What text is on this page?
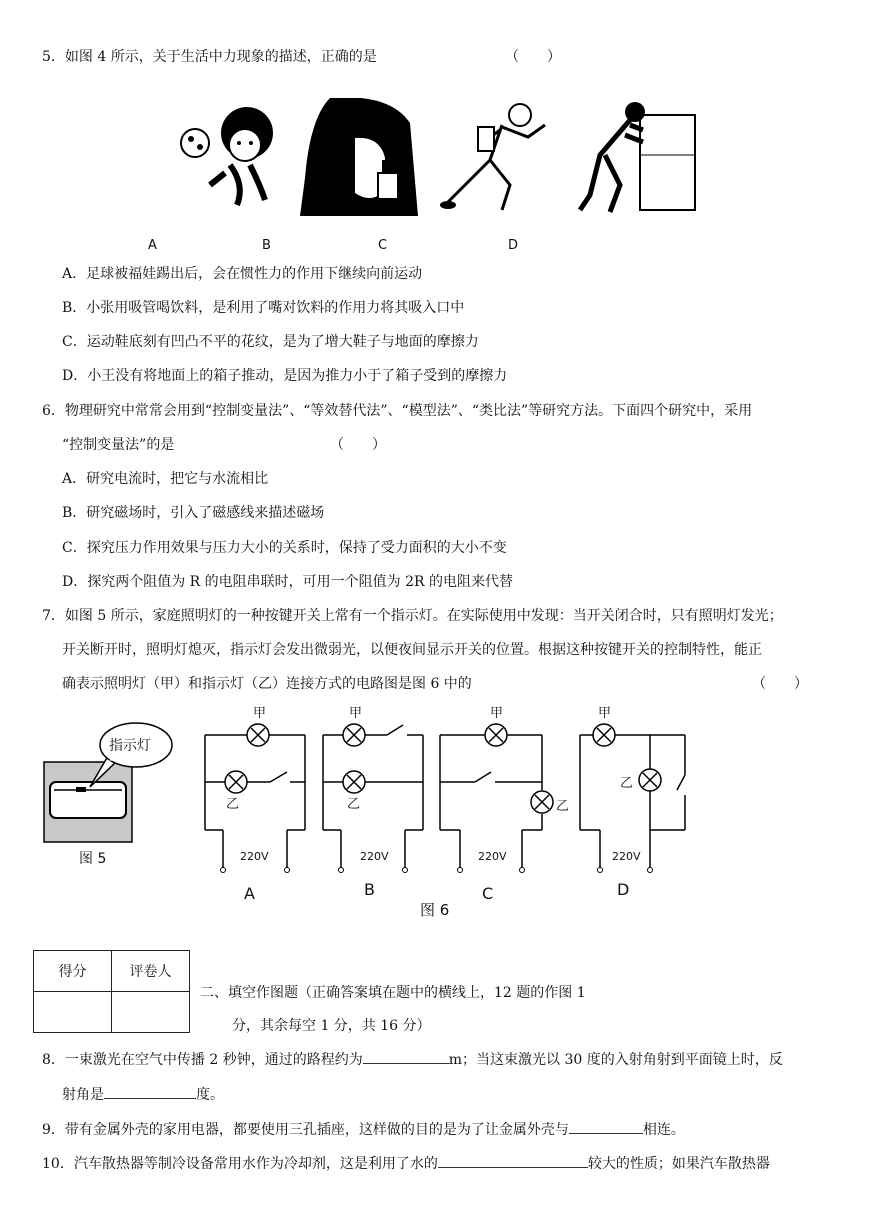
5．如图 4 所示，关于生活中力现象的描述，正确的是	（　　）
A	B	C	D
A．足球被福娃踢出后，会在惯性力的作用下继续向前运动
B．小张用吸管喝饮料，是利用了嘴对饮料的作用力将其吸入口中
C．运动鞋底刻有凹凸不平的花纹，是为了增大鞋子与地面的摩擦力
D．小王没有将地面上的箱子推动，是因为推力小于了箱子受到的摩擦力
6．物理研究中常常会用到“控制变量法”、“等效替代法”、“模型法”、“类比法”等研究方法。下面四个研究中，采用
“控制变量法”的是	（　　）
A．研究电流时，把它与水流相比
B．研究磁场时，引入了磁感线来描述磁场
C．探究压力作用效果与压力大小的关系时，保持了受力面积的大小不变
D．探究两个阻值为 R 的电阻串联时，可用一个阻值为 2R 的电阻来代替
7．如图 5 所示，家庭照明灯的一种按键开关上常有一个指示灯。在实际使用中发现：当开关闭合时，只有照明灯发光；
开关断开时，照明灯熄灭，指示灯会发出微弱光，以便夜间显示开关的位置。根据这种按键开关的控制特性，能正
确表示照明灯（甲）和指示灯（乙）连接方式的电路图是图 6 中的	（　　）
指示灯
图 5
甲
乙
220V
A
甲
乙
220V
B
甲
乙
220V
C
甲
乙
220V
D
图 6
得分	评卷人

二、填空作图题（正确答案填在题中的横线上，12 题的作图 1
分，其余每空 1 分，共 16 分）
8．一束激光在空气中传播 2 秒钟，通过的路程约为	m；当这束激光以 30 度的入射角射到平面镜上时，反
射角是	度。
9．带有金属外壳的家用电器，都要使用三孔插座，这样做的目的是为了让金属外壳与	相连。
10．汽车散热器等制冷设备常用水作为冷却剂，这是利用了水的	较大的性质；如果汽车散热器
